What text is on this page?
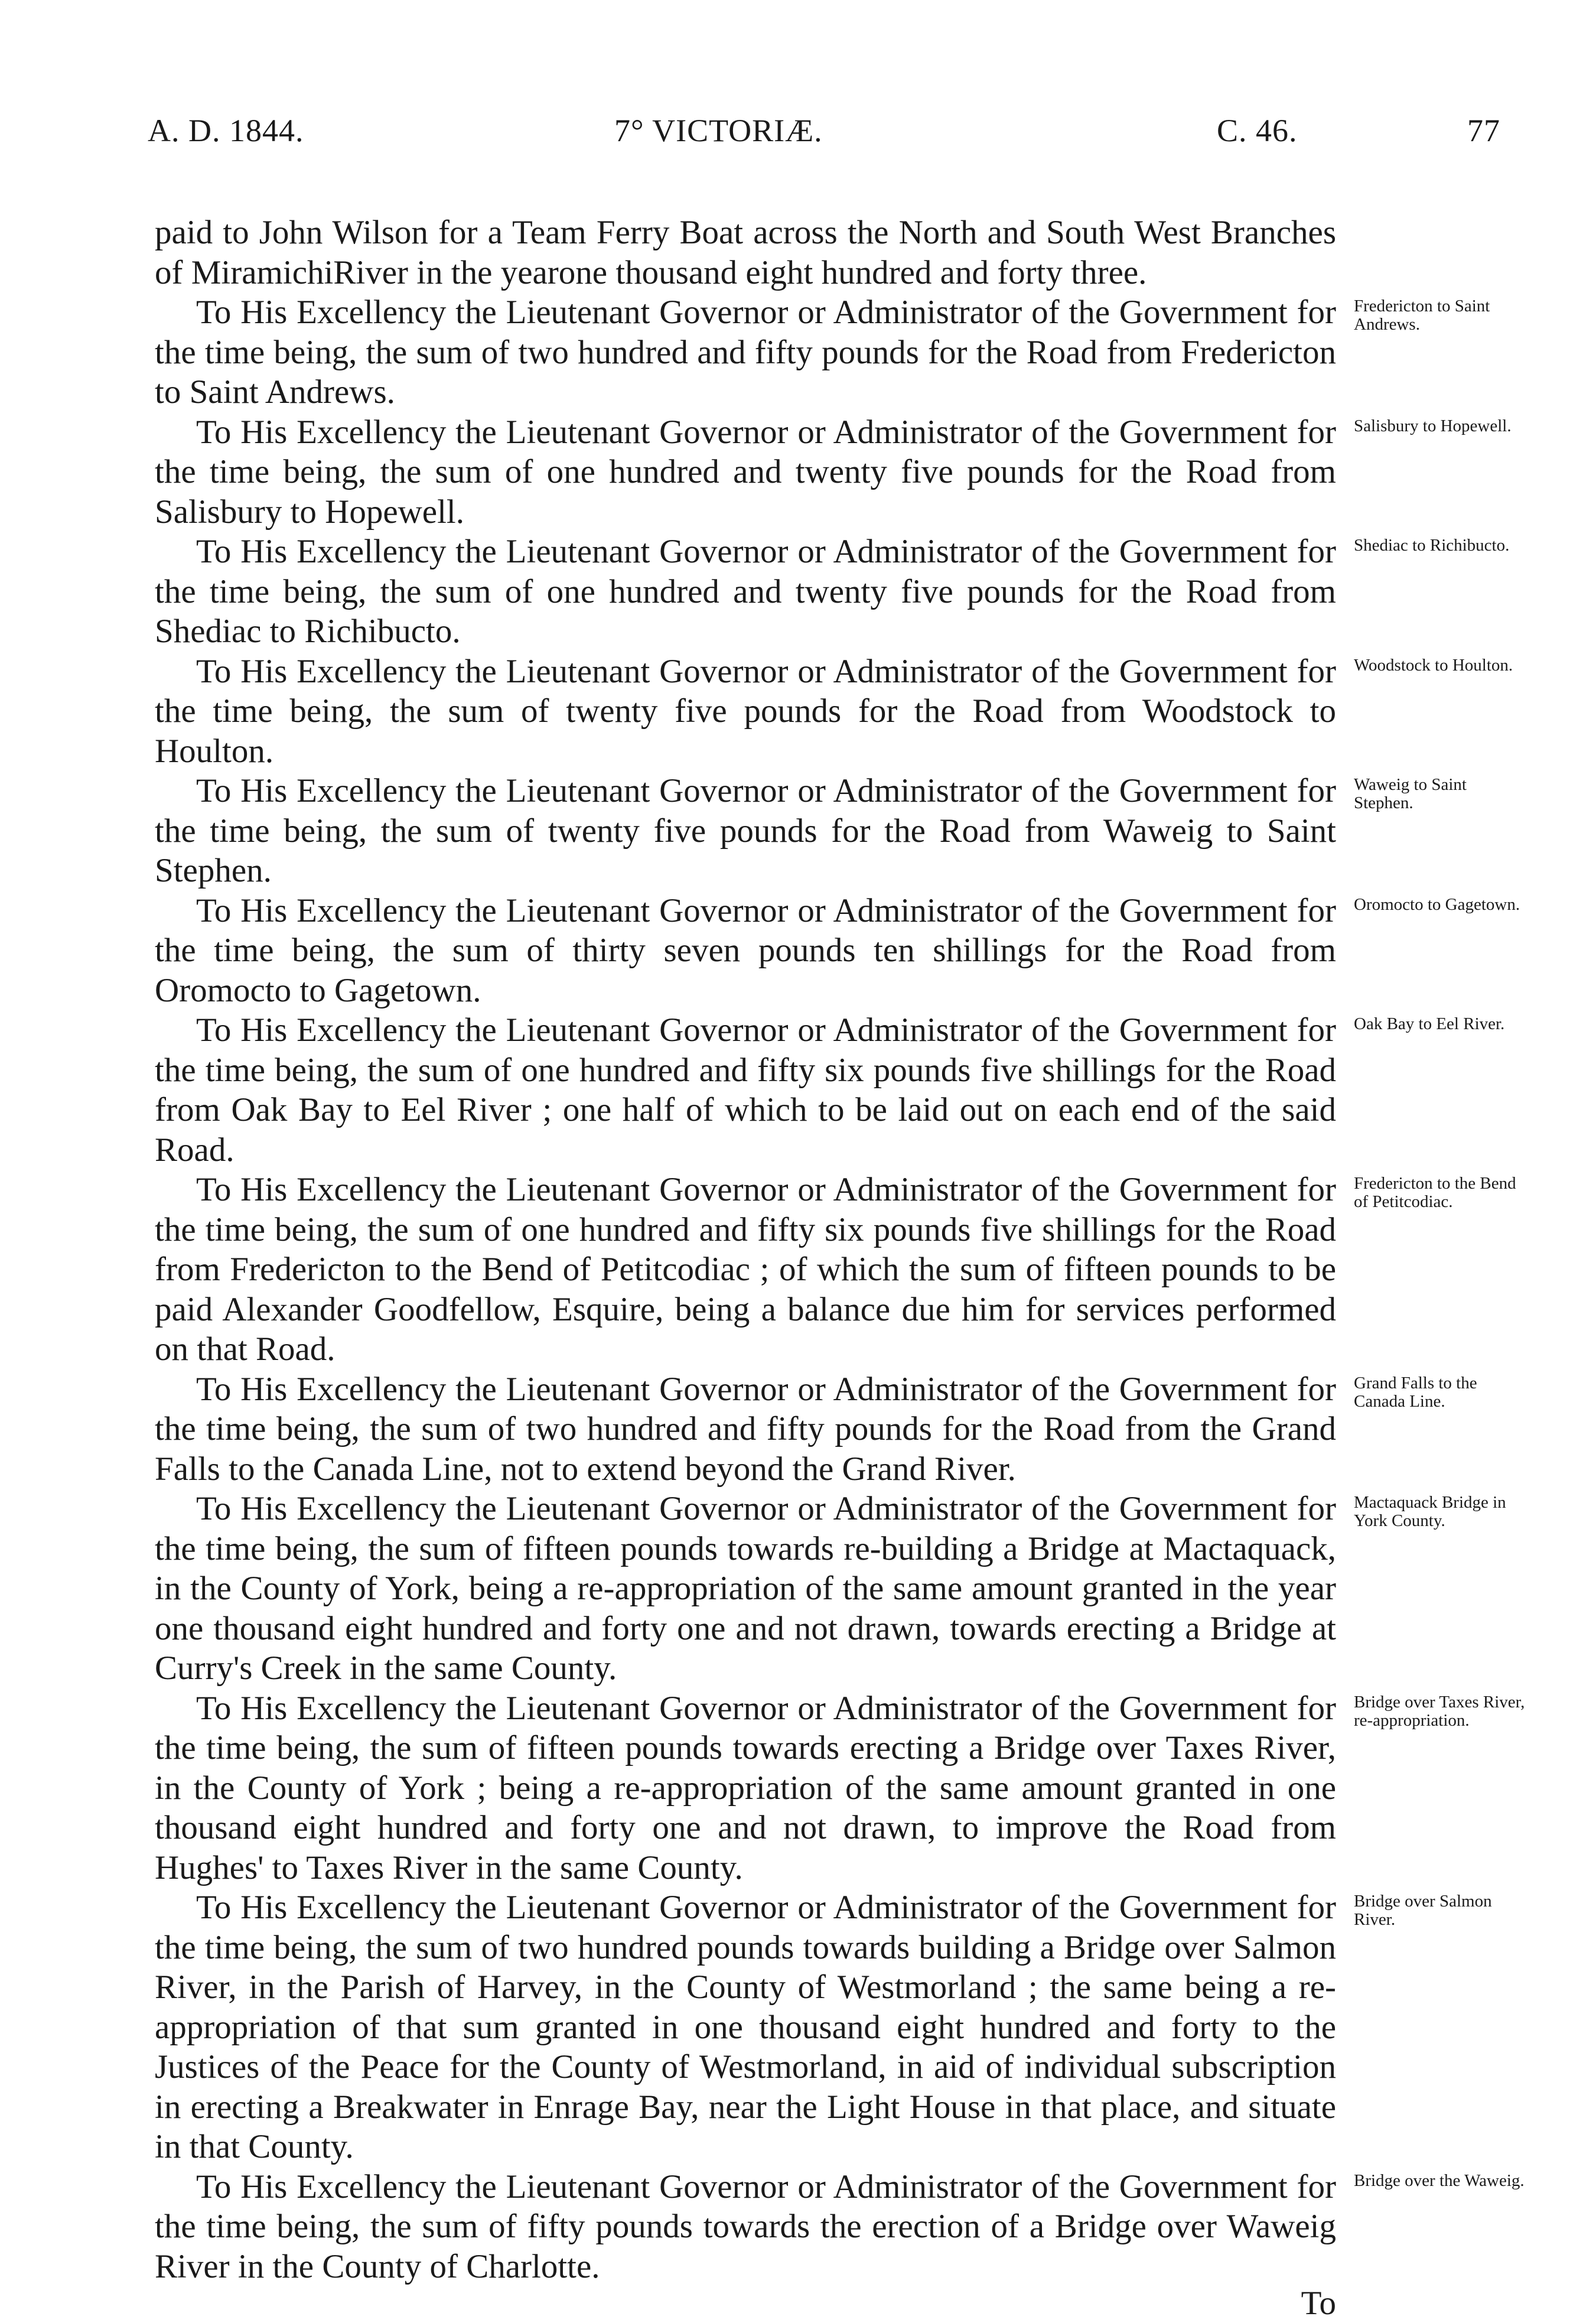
A. D. 1844.	7° VICTORIÆ.	C. 46.	77

paid to John Wilson for a Team Ferry Boat across the North and South West Branches of MiramichiRiver in the yearone thousand eight hundred and forty three.

To His Excellency the Lieutenant Governor or Administrator of the Government for the time being, the sum of two hundred and fifty pounds for the Road from Fredericton to Saint Andrews.
Fredericton to Saint Andrews.

To His Excellency the Lieutenant Governor or Administrator of the Government for the time being, the sum of one hundred and twenty five pounds for the Road from Salisbury to Hopewell.
Salisbury to Hopewell.

To His Excellency the Lieutenant Governor or Administrator of the Government for the time being, the sum of one hundred and twenty five pounds for the Road from Shediac to Richibucto.
Shediac to Richibucto.

To His Excellency the Lieutenant Governor or Administrator of the Government for the time being, the sum of twenty five pounds for the Road from Woodstock to Houlton.
Woodstock to Houlton.

To His Excellency the Lieutenant Governor or Administrator of the Government for the time being, the sum of twenty five pounds for the Road from Waweig to Saint Stephen.
Waweig to Saint Stephen.

To His Excellency the Lieutenant Governor or Administrator of the Government for the time being, the sum of thirty seven pounds ten shillings for the Road from Oromocto to Gagetown.
Oromocto to Gagetown.

To His Excellency the Lieutenant Governor or Administrator of the Government for the time being, the sum of one hundred and fifty six pounds five shillings for the Road from Oak Bay to Eel River ; one half of which to be laid out on each end of the said Road.
Oak Bay to Eel River.

To His Excellency the Lieutenant Governor or Administrator of the Government for the time being, the sum of one hundred and fifty six pounds five shillings for the Road from Fredericton to the Bend of Petitcodiac ; of which the sum of fifteen pounds to be paid Alexander Goodfellow, Esquire, being a balance due him for services performed on that Road.
Fredericton to the Bend of Petitcodiac.

To His Excellency the Lieutenant Governor or Administrator of the Government for the time being, the sum of two hundred and fifty pounds for the Road from the Grand Falls to the Canada Line, not to extend beyond the Grand River.
Grand Falls to the Canada Line.

To His Excellency the Lieutenant Governor or Administrator of the Government for the time being, the sum of fifteen pounds towards re-building a Bridge at Mactaquack, in the County of York, being a re-appropriation of the same amount granted in the year one thousand eight hundred and forty one and not drawn, towards erecting a Bridge at Curry's Creek in the same County.
Mactaquack Bridge in York County.

To His Excellency the Lieutenant Governor or Administrator of the Government for the time being, the sum of fifteen pounds towards erecting a Bridge over Taxes River, in the County of York ; being a re-appropriation of the same amount granted in one thousand eight hundred and forty one and not drawn, to improve the Road from Hughes' to Taxes River in the same County.
Bridge over Taxes River, re-appropriation.

To His Excellency the Lieutenant Governor or Administrator of the Government for the time being, the sum of two hundred pounds towards building a Bridge over Salmon River, in the Parish of Harvey, in the County of Westmorland ; the same being a re-appropriation of that sum granted in one thousand eight hundred and forty to the Justices of the Peace for the County of Westmorland, in aid of individual subscription in erecting a Breakwater in Enrage Bay, near the Light House in that place, and situate in that County.
Bridge over Salmon River.

To His Excellency the Lieutenant Governor or Administrator of the Government for the time being, the sum of fifty pounds towards the erection of a Bridge over Waweig River in the County of Charlotte.
Bridge over the Waweig.
To
